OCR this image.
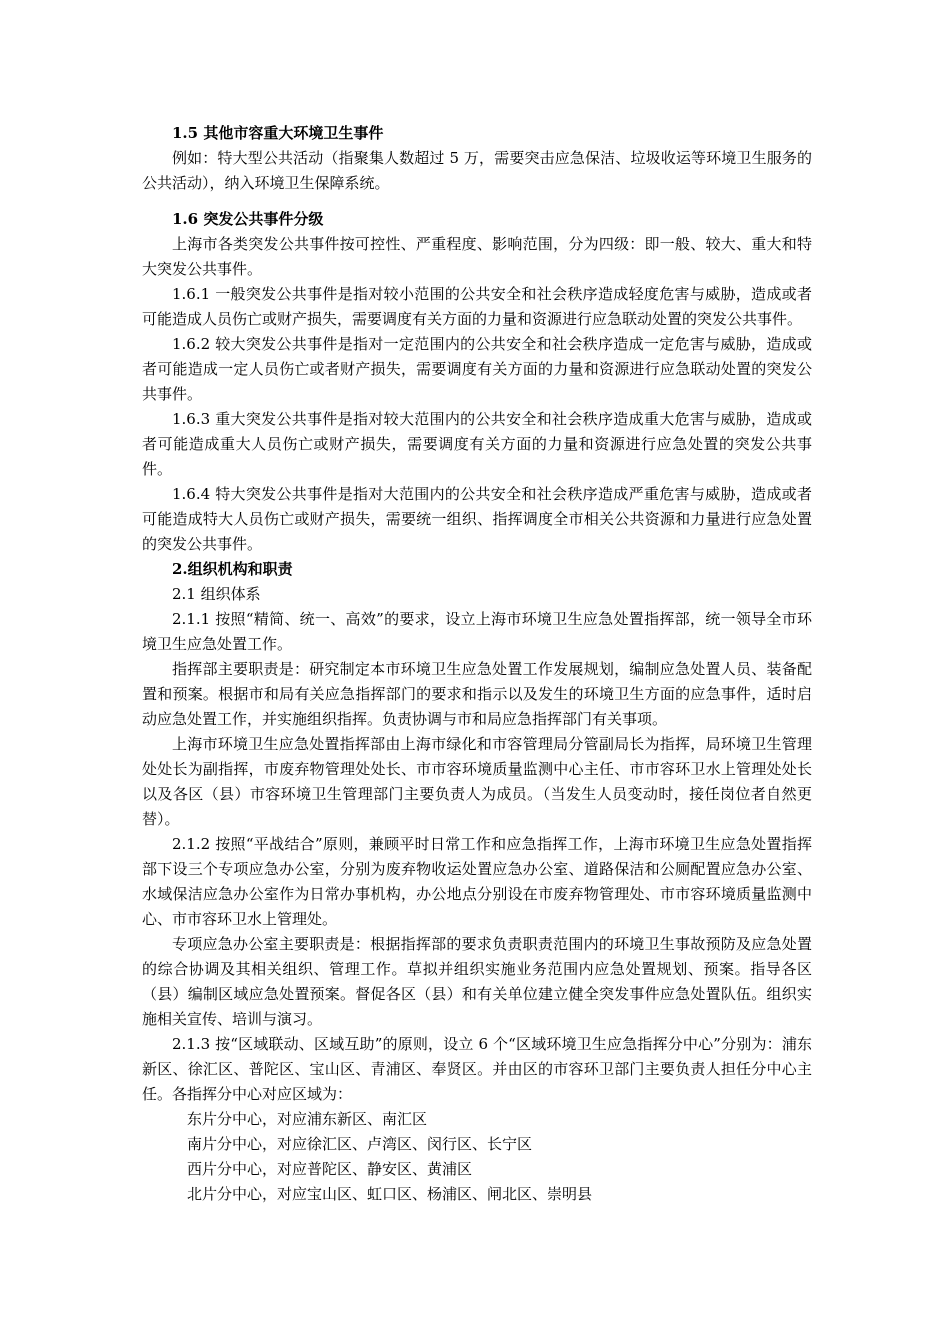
1.5 其他市容重大环境卫生事件

例如：特大型公共活动（指聚集人数超过 5 万，需要突击应急保洁、垃圾收运等环境卫生服务的公共活动），纳入环境卫生保障系统。

1.6 突发公共事件分级

上海市各类突发公共事件按可控性、严重程度、影响范围，分为四级：即一般、较大、重大和特大突发公共事件。

1.6.1 一般突发公共事件是指对较小范围的公共安全和社会秩序造成轻度危害与威胁，造成或者可能造成人员伤亡或财产损失，需要调度有关方面的力量和资源进行应急联动处置的突发公共事件。

1.6.2 较大突发公共事件是指对一定范围内的公共安全和社会秩序造成一定危害与威胁，造成或者可能造成一定人员伤亡或者财产损失，需要调度有关方面的力量和资源进行应急联动处置的突发公共事件。

1.6.3 重大突发公共事件是指对较大范围内的公共安全和社会秩序造成重大危害与威胁，造成或者可能造成重大人员伤亡或财产损失，需要调度有关方面的力量和资源进行应急处置的突发公共事件。

1.6.4 特大突发公共事件是指对大范围内的公共安全和社会秩序造成严重危害与威胁，造成或者可能造成特大人员伤亡或财产损失，需要统一组织、指挥调度全市相关公共资源和力量进行应急处置的突发公共事件。

2.组织机构和职责

2.1 组织体系

2.1.1 按照“精简、统一、高效”的要求，设立上海市环境卫生应急处置指挥部，统一领导全市环境卫生应急处置工作。

指挥部主要职责是：研究制定本市环境卫生应急处置工作发展规划，编制应急处置人员、装备配置和预案。根据市和局有关应急指挥部门的要求和指示以及发生的环境卫生方面的应急事件，适时启动应急处置工作，并实施组织指挥。负责协调与市和局应急指挥部门有关事项。

上海市环境卫生应急处置指挥部由上海市绿化和市容管理局分管副局长为指挥，局环境卫生管理处处长为副指挥，市废弃物管理处处长、市市容环境质量监测中心主任、市市容环卫水上管理处处长以及各区（县）市容环境卫生管理部门主要负责人为成员。（当发生人员变动时，接任岗位者自然更替）。

2.1.2 按照“平战结合”原则，兼顾平时日常工作和应急指挥工作，上海市环境卫生应急处置指挥部下设三个专项应急办公室，分别为废弃物收运处置应急办公室、道路保洁和公厕配置应急办公室、水域保洁应急办公室作为日常办事机构，办公地点分别设在市废弃物管理处、市市容环境质量监测中心、市市容环卫水上管理处。

专项应急办公室主要职责是：根据指挥部的要求负责职责范围内的环境卫生事故预防及应急处置的综合协调及其相关组织、管理工作。草拟并组织实施业务范围内应急处置规划、预案。指导各区（县）编制区域应急处置预案。督促各区（县）和有关单位建立健全突发事件应急处置队伍。组织实施相关宣传、培训与演习。

2.1.3 按“区域联动、区域互助”的原则，设立 6 个“区域环境卫生应急指挥分中心”分别为：浦东新区、徐汇区、普陀区、宝山区、青浦区、奉贤区。并由区的市容环卫部门主要负责人担任分中心主任。各指挥分中心对应区域为：

东片分中心，对应浦东新区、南汇区

南片分中心，对应徐汇区、卢湾区、闵行区、长宁区

西片分中心，对应普陀区、静安区、黄浦区

北片分中心，对应宝山区、虹口区、杨浦区、闸北区、崇明县
